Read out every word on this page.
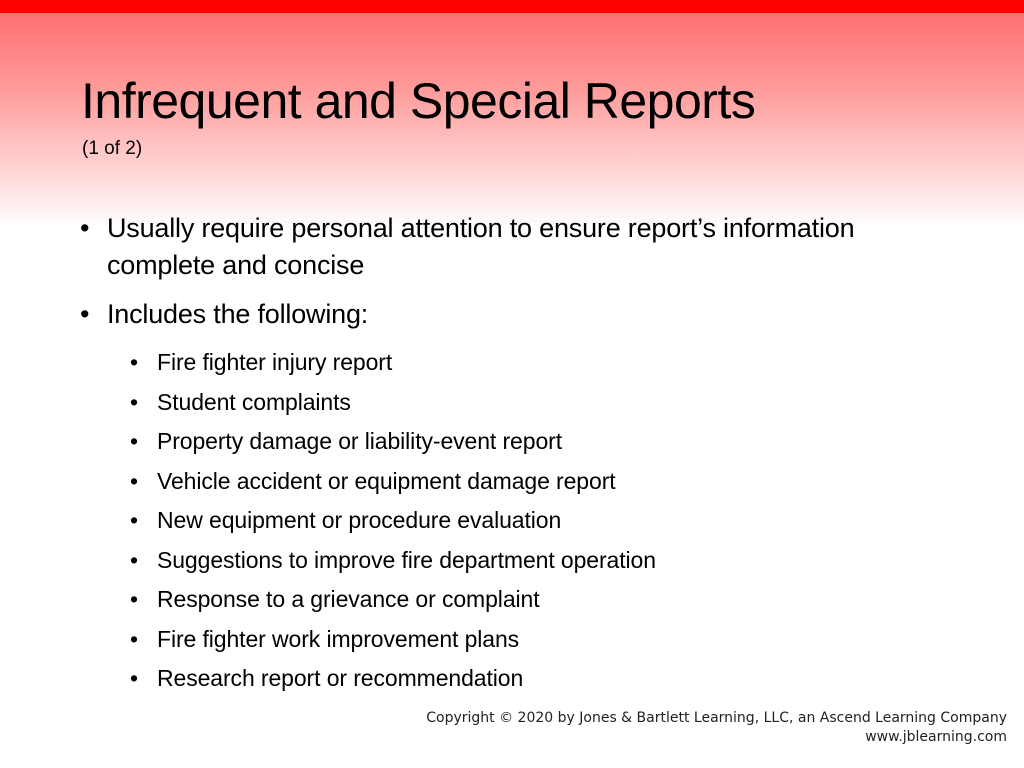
Infrequent and Special Reports
(1 of 2)
• Usually require personal attention to ensure report’s information complete and concise
• Includes the following:
• Fire fighter injury report
• Student complaints
• Property damage or liability-event report
• Vehicle accident or equipment damage report
• New equipment or procedure evaluation
• Suggestions to improve fire department operation
• Response to a grievance or complaint
• Fire fighter work improvement plans
• Research report or recommendation
Copyright © 2020 by Jones & Bartlett Learning, LLC, an Ascend Learning Company
www.jblearning.com
